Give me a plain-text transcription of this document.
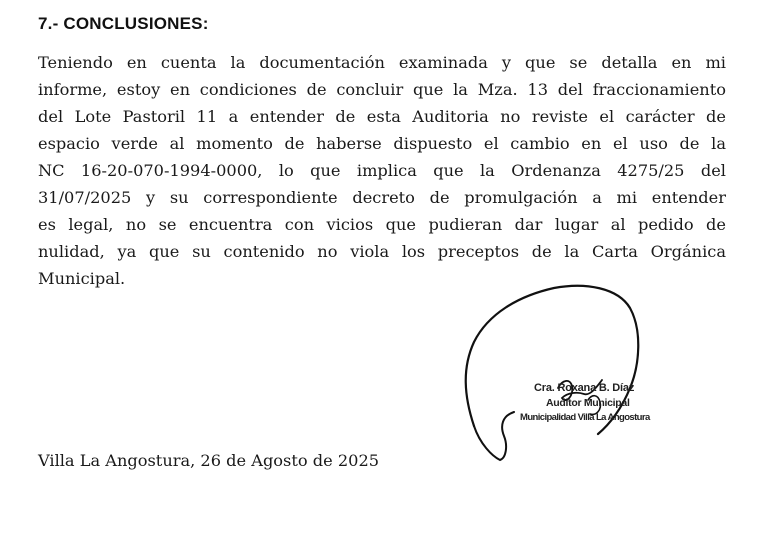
7.- CONCLUSIONES:
Teniendo en cuenta la documentación examinada y que se detalla en mi
informe, estoy en condiciones de concluir que la Mza. 13 del fraccionamiento
del Lote Pastoril 11 a entender de esta Auditoria no reviste el carácter de
espacio verde al momento de haberse dispuesto el cambio en el uso de la
NC 16-20-070-1994-0000, lo que implica que la Ordenanza 4275/25 del
31/07/2025 y su correspondiente decreto de promulgación a mi entender
es legal, no se encuentra con vicios que pudieran dar lugar al pedido de
nulidad, ya que su contenido no viola los preceptos de la Carta Orgánica
Municipal.
Cra. Roxana B. Díaz
Auditor Municipal
Municipalidad Villa La Angostura
Villa La Angostura, 26 de Agosto de 2025
